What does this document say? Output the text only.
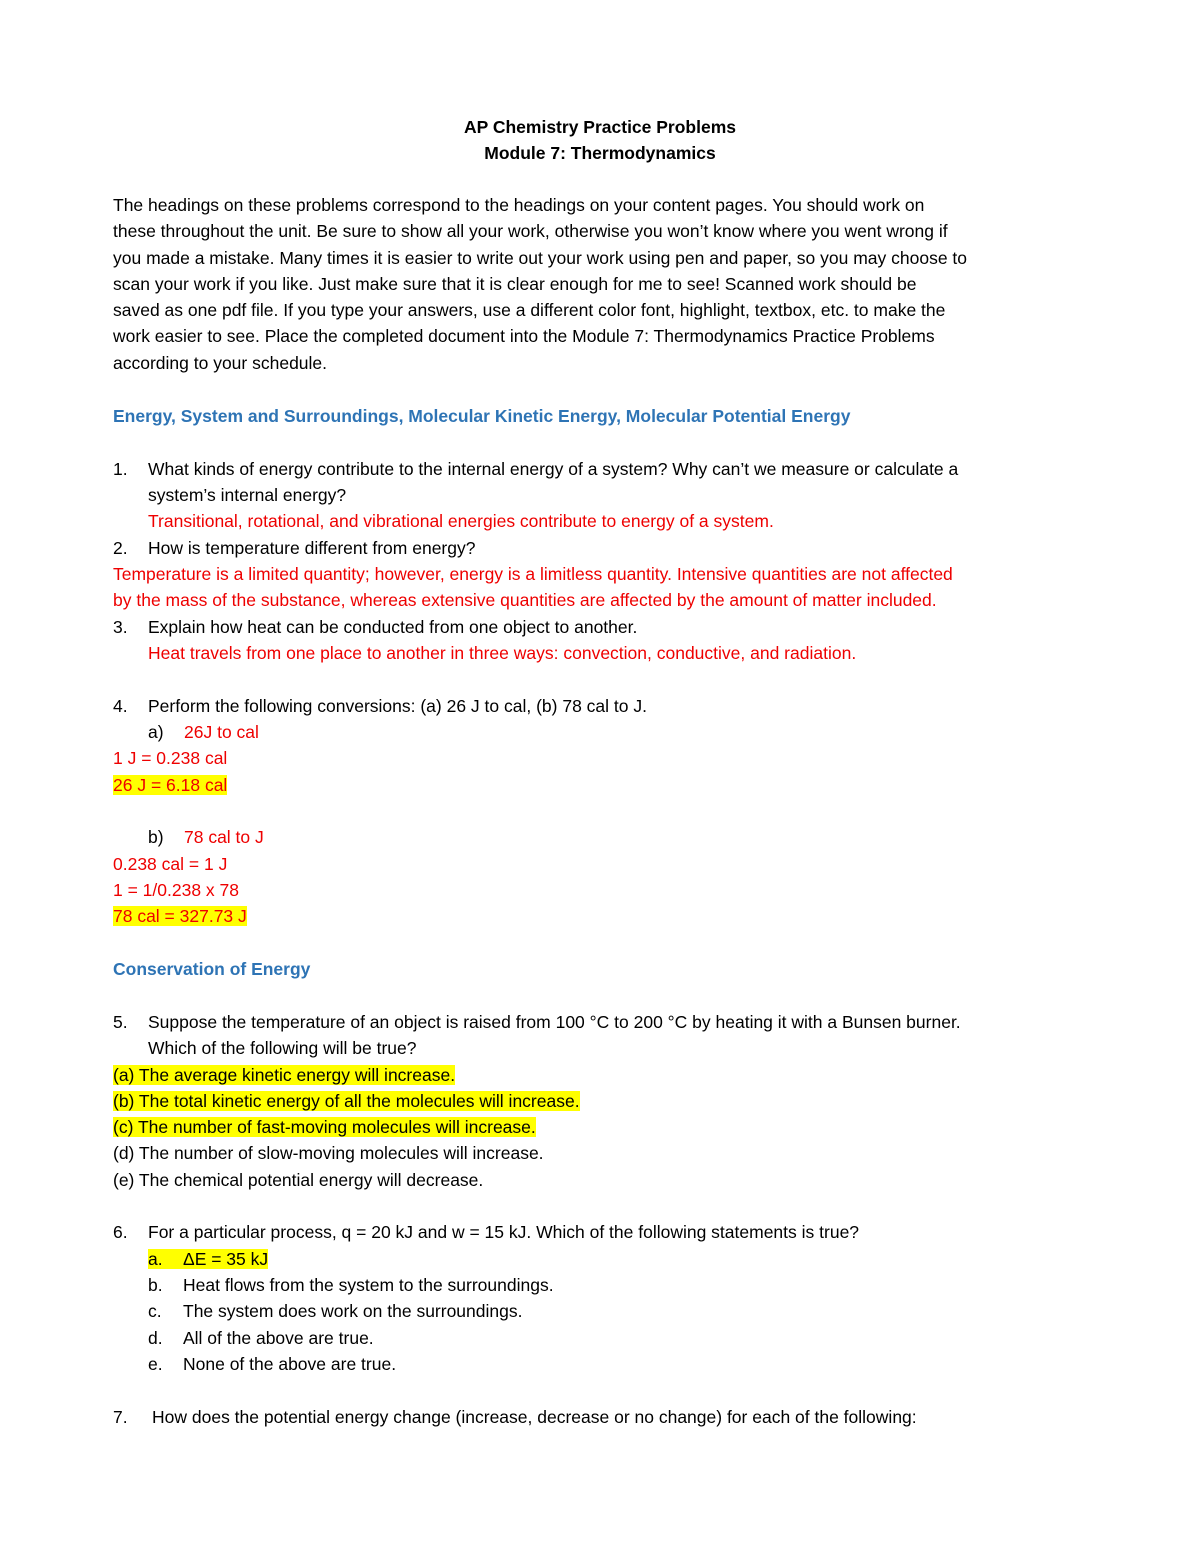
AP Chemistry Practice Problems
Module 7: Thermodynamics
The headings on these problems correspond to the headings on your content pages. You should work on
these throughout the unit. Be sure to show all your work, otherwise you won’t know where you went wrong if
you made a mistake. Many times it is easier to write out your work using pen and paper, so you may choose to
scan your work if you like. Just make sure that it is clear enough for me to see! Scanned work should be
saved as one pdf file. If you type your answers, use a different color font, highlight, textbox, etc. to make the
work easier to see. Place the completed document into the Module 7: Thermodynamics Practice Problems
according to your schedule.
Energy, System and Surroundings, Molecular Kinetic Energy, Molecular Potential Energy
1. What kinds of energy contribute to the internal energy of a system? Why can’t we measure or calculate a
system’s internal energy?
Transitional, rotational, and vibrational energies contribute to energy of a system.
2. How is temperature different from energy?
Temperature is a limited quantity; however, energy is a limitless quantity. Intensive quantities are not affected
by the mass of the substance, whereas extensive quantities are affected by the amount of matter included.
3. Explain how heat can be conducted from one object to another.
Heat travels from one place to another in three ways: convection, conductive, and radiation.
4. Perform the following conversions: (a) 26 J to cal, (b) 78 cal to J.
a) 26J to cal
1 J = 0.238 cal
26 J = 6.18 cal
b) 78 cal to J
0.238 cal = 1 J
1 = 1/0.238 x 78
78 cal = 327.73 J
Conservation of Energy
5. Suppose the temperature of an object is raised from 100 °C to 200 °C by heating it with a Bunsen burner.
Which of the following will be true?
(a) The average kinetic energy will increase.
(b) The total kinetic energy of all the molecules will increase.
(c) The number of fast-moving molecules will increase.
(d) The number of slow-moving molecules will increase.
(e) The chemical potential energy will decrease.
6. For a particular process, q = 20 kJ and w = 15 kJ. Which of the following statements is true?
a. ΔE = 35 kJ
b. Heat flows from the system to the surroundings.
c. The system does work on the surroundings.
d. All of the above are true.
e. None of the above are true.
7. How does the potential energy change (increase, decrease or no change) for each of the following:
